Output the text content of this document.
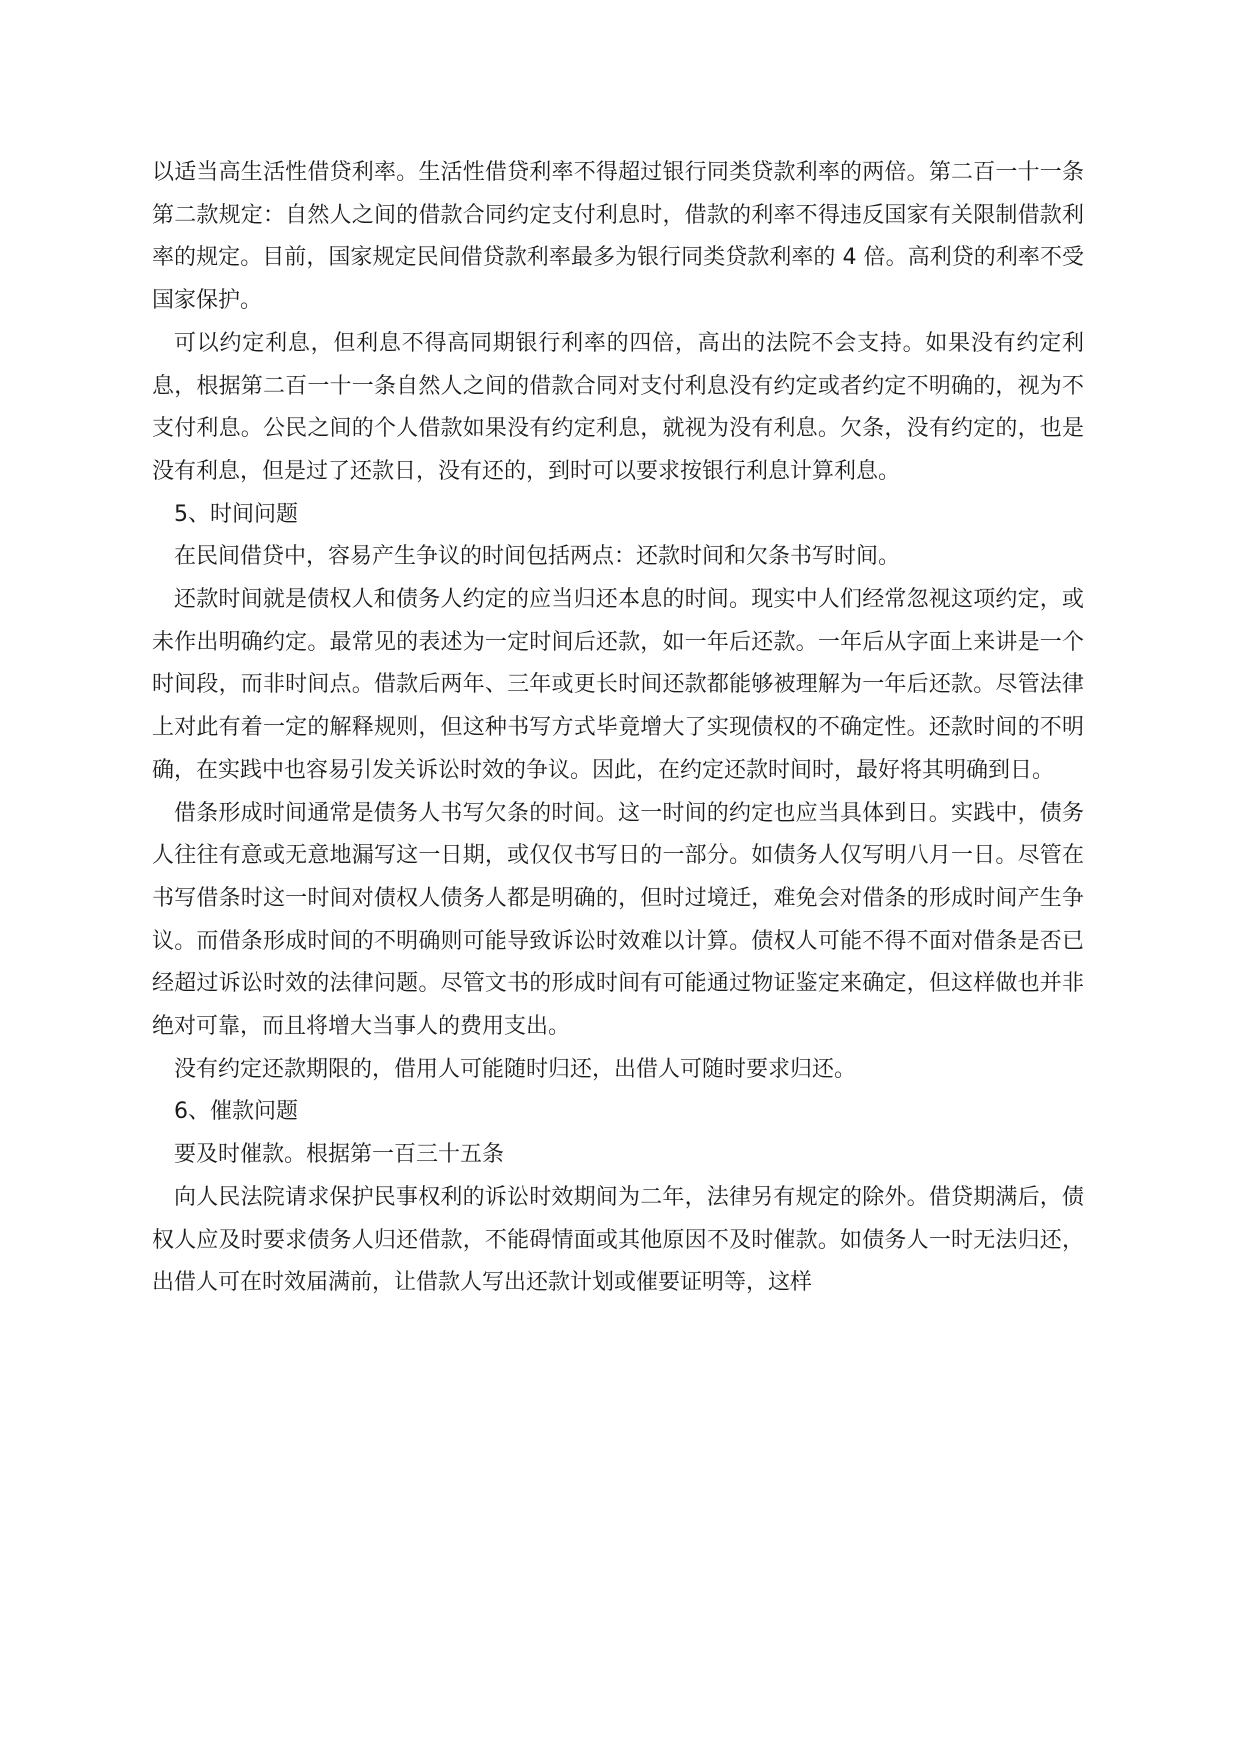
以适当高生活性借贷利率。生活性借贷利率不得超过银行同类贷款利率的两倍。第二百一十一条第二款规定：自然人之间的借款合同约定支付利息时，借款的利率不得违反国家有关限制借款利率的规定。目前，国家规定民间借贷款利率最多为银行同类贷款利率的 4 倍。高利贷的利率不受国家保护。

可以约定利息，但利息不得高同期银行利率的四倍，高出的法院不会支持。如果没有约定利息，根据第二百一十一条自然人之间的借款合同对支付利息没有约定或者约定不明确的，视为不支付利息。公民之间的个人借款如果没有约定利息，就视为没有利息。欠条，没有约定的，也是没有利息，但是过了还款日，没有还的，到时可以要求按银行利息计算利息。

5、时间问题

在民间借贷中，容易产生争议的时间包括两点：还款时间和欠条书写时间。

还款时间就是债权人和债务人约定的应当归还本息的时间。现实中人们经常忽视这项约定，或未作出明确约定。最常见的表述为一定时间后还款，如一年后还款。一年后从字面上来讲是一个时间段，而非时间点。借款后两年、三年或更长时间还款都能够被理解为一年后还款。尽管法律上对此有着一定的解释规则，但这种书写方式毕竟增大了实现债权的不确定性。还款时间的不明确，在实践中也容易引发关诉讼时效的争议。因此，在约定还款时间时，最好将其明确到日。

借条形成时间通常是债务人书写欠条的时间。这一时间的约定也应当具体到日。实践中，债务人往往有意或无意地漏写这一日期，或仅仅书写日的一部分。如债务人仅写明八月一日。尽管在书写借条时这一时间对债权人债务人都是明确的，但时过境迁，难免会对借条的形成时间产生争议。而借条形成时间的不明确则可能导致诉讼时效难以计算。债权人可能不得不面对借条是否已经超过诉讼时效的法律问题。尽管文书的形成时间有可能通过物证鉴定来确定，但这样做也并非绝对可靠，而且将增大当事人的费用支出。

没有约定还款期限的，借用人可能随时归还，出借人可随时要求归还。

6、催款问题

要及时催款。根据第一百三十五条

向人民法院请求保护民事权利的诉讼时效期间为二年，法律另有规定的除外。借贷期满后，债权人应及时要求债务人归还借款，不能碍情面或其他原因不及时催款。如债务人一时无法归还，出借人可在时效届满前，让借款人写出还款计划或催要证明等，这样
